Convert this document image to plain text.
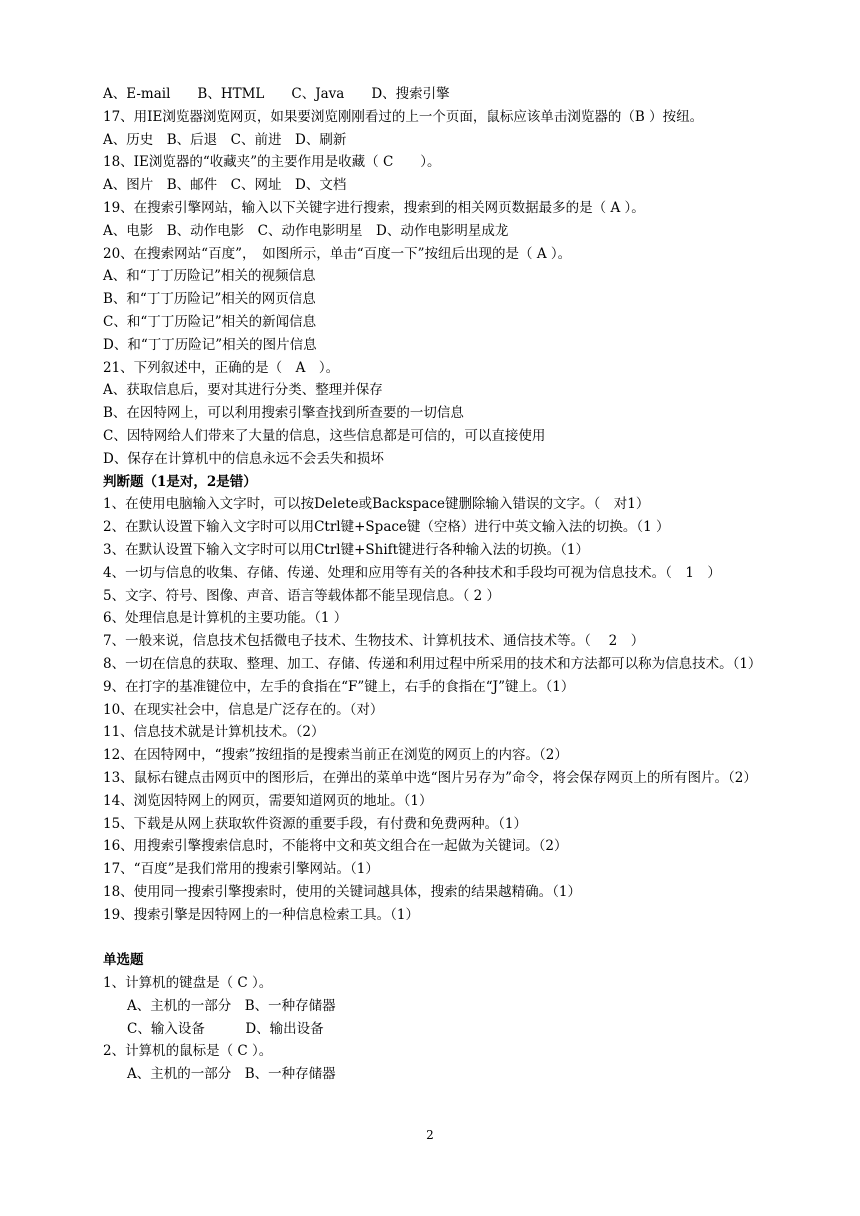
A、E-mail　　B、HTML　　C、Java　　D、搜索引擎
17、用IE浏览器浏览网页，如果要浏览刚刚看过的上一个页面，鼠标应该单击浏览器的（B ）按纽。
A、历史　B、后退　C、前进　D、刷新
18、IE浏览器的“收藏夹”的主要作用是收藏（ C　　）。
A、图片　B、邮件　C、网址　D、文档
19、在搜索引擎网站，输入以下关键字进行搜索，搜索到的相关网页数据最多的是（ A ）。
A、电影　B、动作电影　C、动作电影明星　D、动作电影明星成龙
20、在搜索网站“百度”，　如图所示，单击“百度一下”按纽后出现的是（ A ）。
A、和“丁丁历险记”相关的视频信息
B、和“丁丁历险记”相关的网页信息
C、和“丁丁历险记”相关的新闻信息
D、和“丁丁历险记”相关的图片信息
21、下列叙述中，正确的是（　A　）。
A、获取信息后，要对其进行分类、整理并保存
B、在因特网上，可以利用搜索引擎查找到所查要的一切信息
C、因特网给人们带来了大量的信息，这些信息都是可信的，可以直接使用
D、保存在计算机中的信息永远不会丢失和损坏
判断题（1是对，2是错）
1、在使用电脑输入文字时，可以按Delete或Backspace键删除输入错误的文字。（　对1）
2、在默认设置下输入文字时可以用Ctrl键+Space键（空格）进行中英文输入法的切换。（1 ）
3、在默认设置下输入文字时可以用Ctrl键+Shift键进行各种输入法的切换。（1）
4、一切与信息的收集、存储、传递、处理和应用等有关的各种技术和手段均可视为信息技术。（　1　）
5、文字、符号、图像、声音、语言等载体都不能呈现信息。（ 2 ）
6、处理信息是计算机的主要功能。（1 ）
7、一般来说，信息技术包括微电子技术、生物技术、计算机技术、通信技术等。（　 2　）
8、一切在信息的获取、整理、加工、存储、传递和利用过程中所采用的技术和方法都可以称为信息技术。（1）
9、在打字的基准键位中，左手的食指在“F”键上，右手的食指在“J”键上。（1）
10、在现实社会中，信息是广泛存在的。（对）
11、信息技术就是计算机技术。（2）
12、在因特网中，“搜索”按纽指的是搜索当前正在浏览的网页上的内容。（2）
13、鼠标右键点击网页中的图形后，在弹出的菜单中选“图片另存为”命令，将会保存网页上的所有图片。（2）
14、浏览因特网上的网页，需要知道网页的地址。（1）
15、下载是从网上获取软件资源的重要手段，有付费和免费两种。（1）
16、用搜索引擎搜索信息时，不能将中文和英文组合在一起做为关键词。（2）
17、“百度”是我们常用的搜索引擎网站。（1）
18、使用同一搜索引擎搜索时，使用的关键词越具体，搜索的结果越精确。（1）
19、搜索引擎是因特网上的一种信息检索工具。（1）
单选题
1、计算机的键盘是（ C ）。
A、主机的一部分　B、一种存储器
C、输入设备　　　D、输出设备
2、计算机的鼠标是（ C ）。
A、主机的一部分　B、一种存储器
2
